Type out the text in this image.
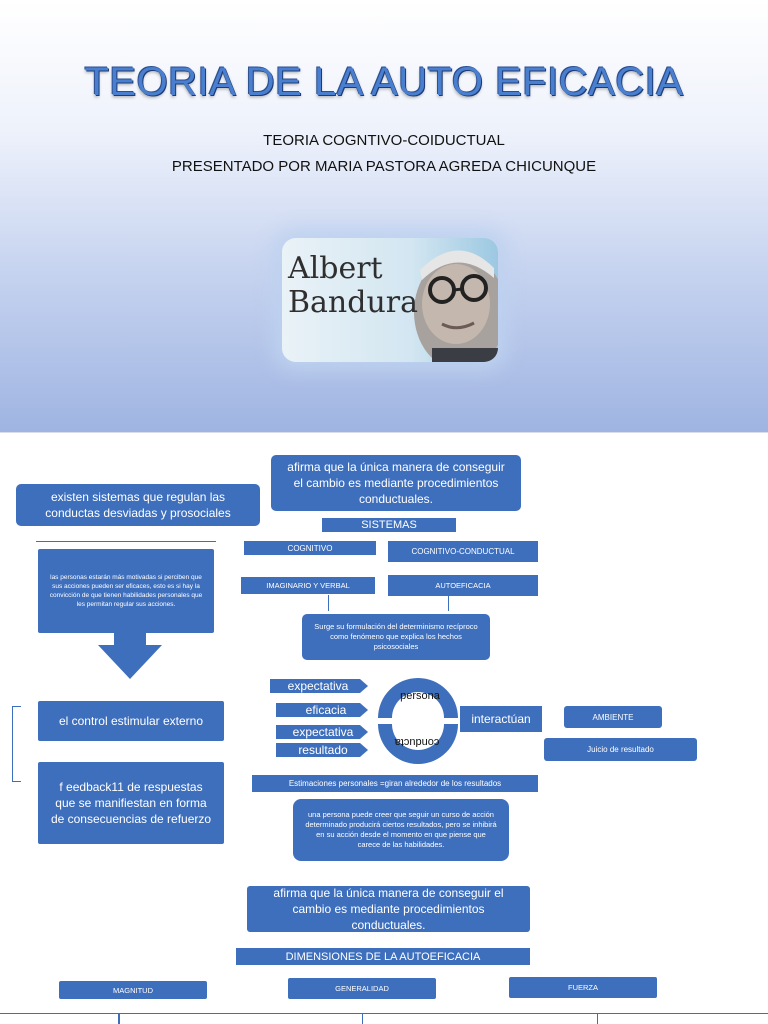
TEORIA DE LA AUTO EFICACIA
TEORIA COGNTIVO-COIDUCTUAL
PRESENTADO POR MARIA PASTORA AGREDA CHICUNQUE
Albert
Bandura
afirma que la única manera de conseguir el cambio es mediante procedimientos conductuales.
existen sistemas que regulan las conductas desviadas y prosociales
SISTEMAS
COGNITIVO	COGNITIVO-CONDUCTUAL
las personas estarán más motivadas si perciben que sus acciones pueden ser eficaces, esto es si hay la convicción de que tienen habilidades personales que les permitan regular sus acciones.
IMAGINARIO Y VERBAL	AUTOEFICACIA
Surge su formulación del determinismo recíproco como fenómeno que explica los hechos psicosociales
el control estimular externo
f eedback11 de respuestas que se manifiestan en forma de consecuencias de refuerzo
expectativa
eficacia
expectativa
resultado
persona
conducta
interactúan	AMBIENTE
Juicio de resultado
Estimaciones personales =giran alrededor de los resultados
una persona puede creer que seguir un curso de acción determinado producirá ciertos resultados, pero se inhibirá en su acción desde el momento en que piense que carece de las habilidades.
afirma que la única manera de conseguir el cambio es mediante procedimientos conductuales.
DIMENSIONES DE LA AUTOEFICACIA
MAGNITUD	GENERALIDAD	FUERZA
